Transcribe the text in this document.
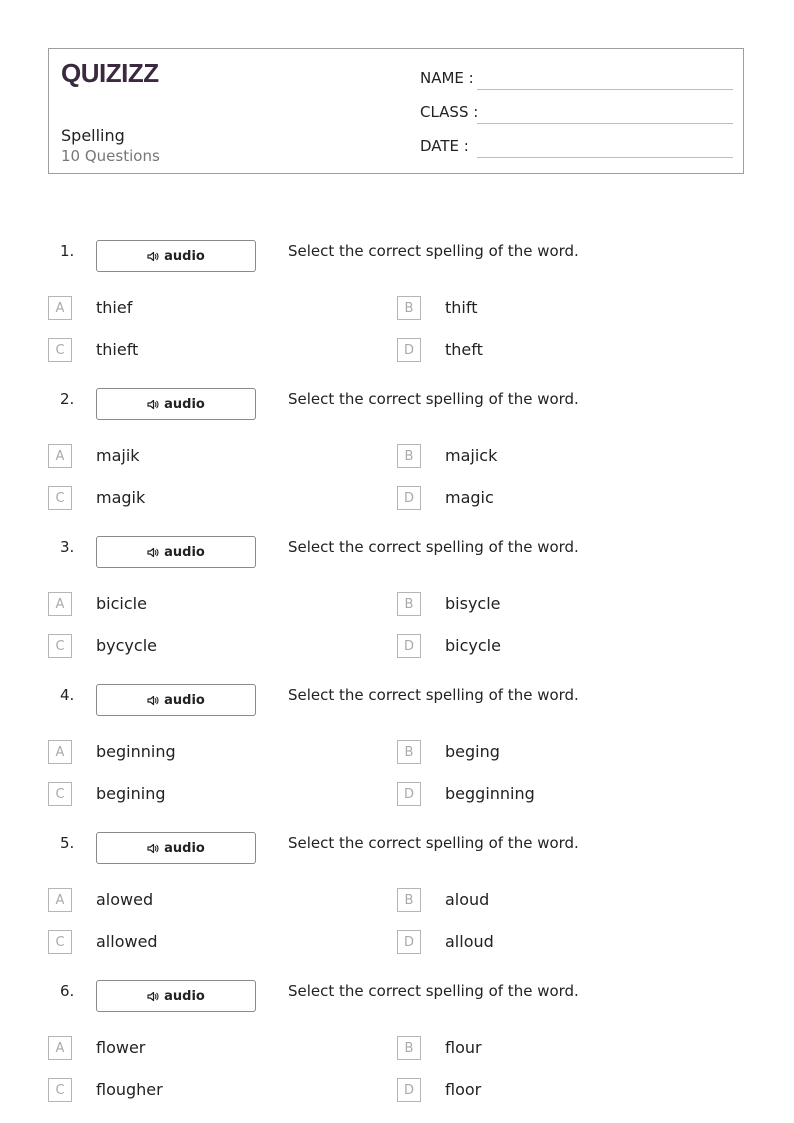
QUIZIZZ
Spelling
10 Questions
NAME :
CLASS :
DATE :
1.	audio	Select the correct spelling of the word.
A	thief	B	thift
C	thieft	D	theft
2.	audio	Select the correct spelling of the word.
A	majik	B	majick
C	magik	D	magic
3.	audio	Select the correct spelling of the word.
A	bicicle	B	bisycle
C	bycycle	D	bicycle
4.	audio	Select the correct spelling of the word.
A	beginning	B	beging
C	begining	D	begginning
5.	audio	Select the correct spelling of the word.
A	alowed	B	aloud
C	allowed	D	alloud
6.	audio	Select the correct spelling of the word.
A	flower	B	flour
C	flougher	D	floor
